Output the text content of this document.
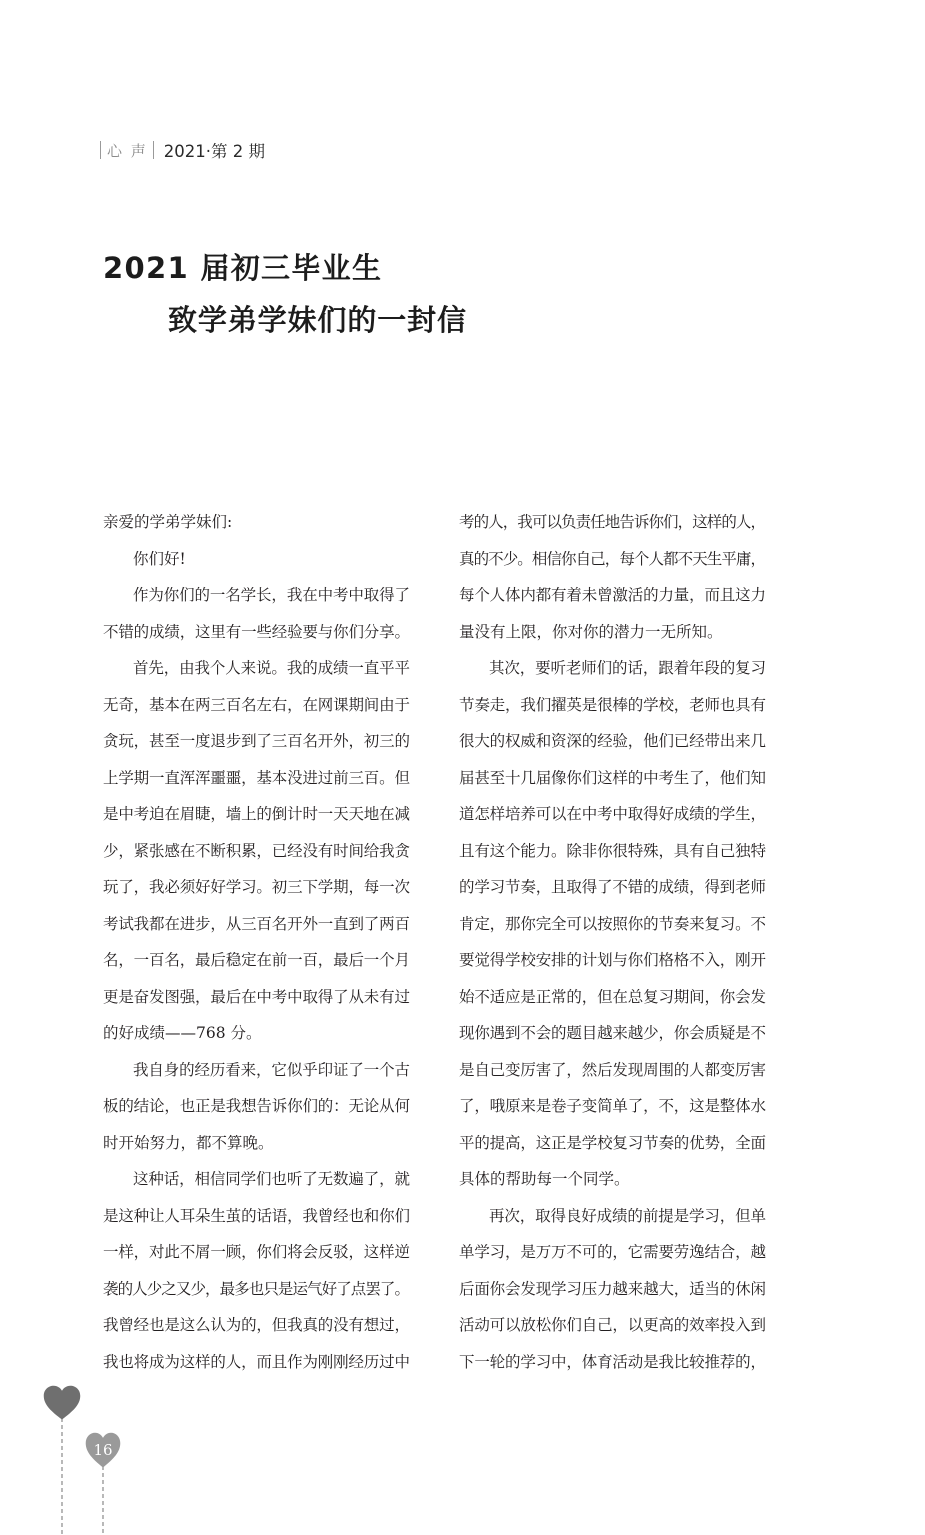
心 声 2021·第 2 期
2021 届初三毕业生
致学弟学妹们的一封信
亲爱的学弟学妹们:
你们好!
作为你们的一名学长，我在中考中取得了
不错的成绩，这里有一些经验要与你们分享。
首先，由我个人来说。我的成绩一直平平
无奇，基本在两三百名左右，在网课期间由于
贪玩，甚至一度退步到了三百名开外，初三的
上学期一直浑浑噩噩，基本没进过前三百。但
是中考迫在眉睫，墙上的倒计时一天天地在减
少，紧张感在不断积累，已经没有时间给我贪
玩了，我必须好好学习。初三下学期，每一次
考试我都在进步，从三百名开外一直到了两百
名，一百名，最后稳定在前一百，最后一个月
更是奋发图强，最后在中考中取得了从未有过
的好成绩——768 分。
我自身的经历看来，它似乎印证了一个古
板的结论，也正是我想告诉你们的：无论从何
时开始努力，都不算晚。
这种话，相信同学们也听了无数遍了，就
是这种让人耳朵生茧的话语，我曾经也和你们
一样，对此不屑一顾，你们将会反驳，这样逆
袭的人少之又少，最多也只是运气好了点罢了。
我曾经也是这么认为的，但我真的没有想过，
我也将成为这样的人，而且作为刚刚经历过中
考的人，我可以负责任地告诉你们，这样的人，
真的不少。相信你自己，每个人都不天生平庸，
每个人体内都有着未曾激活的力量，而且这力
量没有上限，你对你的潜力一无所知。
其次，要听老师们的话，跟着年段的复习
节奏走，我们擢英是很棒的学校，老师也具有
很大的权威和资深的经验，他们已经带出来几
届甚至十几届像你们这样的中考生了，他们知
道怎样培养可以在中考中取得好成绩的学生，
且有这个能力。除非你很特殊，具有自己独特
的学习节奏，且取得了不错的成绩，得到老师
肯定，那你完全可以按照你的节奏来复习。不
要觉得学校安排的计划与你们格格不入，刚开
始不适应是正常的，但在总复习期间，你会发
现你遇到不会的题目越来越少，你会质疑是不
是自己变厉害了，然后发现周围的人都变厉害
了，哦原来是卷子变简单了，不，这是整体水
平的提高，这正是学校复习节奏的优势，全面
具体的帮助每一个同学。
再次，取得良好成绩的前提是学习，但单
单学习，是万万不可的，它需要劳逸结合，越
后面你会发现学习压力越来越大，适当的休闲
活动可以放松你们自己，以更高的效率投入到
下一轮的学习中，体育活动是我比较推荐的，
16
